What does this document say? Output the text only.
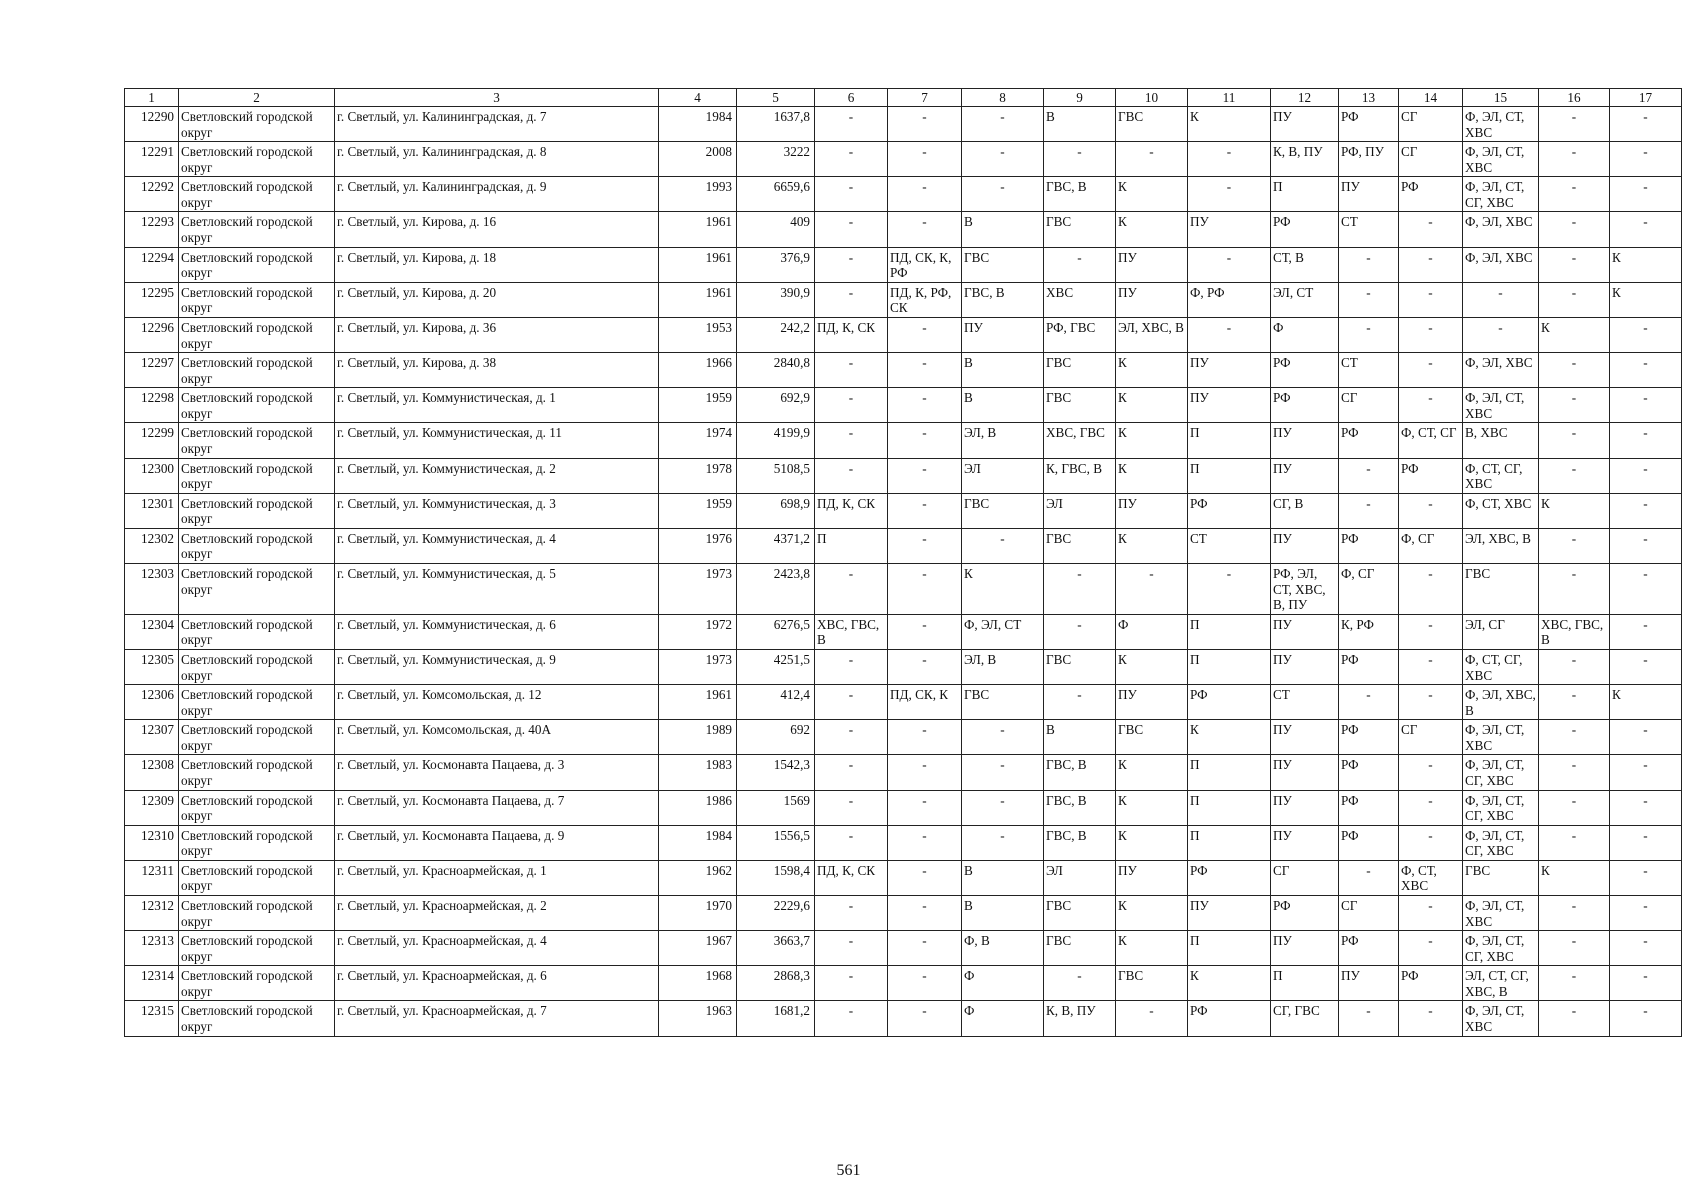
1	2	3	4	5	6	7	8	9	10	11	12	13	14	15	16	17
12290	Светловский городской округ	г. Светлый, ул. Калининградская, д. 7	1984	1637,8	-	-	-	В	ГВС	К	ПУ	РФ	СГ	Ф, ЭЛ, СТ, ХВС	-	-
12291	Светловский городской округ	г. Светлый, ул. Калининградская, д. 8	2008	3222	-	-	-	-	-	-	К, В, ПУ	РФ, ПУ	СГ	Ф, ЭЛ, СТ, ХВС	-	-
12292	Светловский городской округ	г. Светлый, ул. Калининградская, д. 9	1993	6659,6	-	-	-	ГВС, В	К	-	П	ПУ	РФ	Ф, ЭЛ, СТ, СГ, ХВС	-	-
12293	Светловский городской округ	г. Светлый, ул. Кирова, д. 16	1961	409	-	-	В	ГВС	К	ПУ	РФ	СТ	-	Ф, ЭЛ, ХВС	-	-
12294	Светловский городской округ	г. Светлый, ул. Кирова, д. 18	1961	376,9	-	ПД, СК, К, РФ	ГВС	-	ПУ	-	СТ, В	-	-	Ф, ЭЛ, ХВС	-	К
12295	Светловский городской округ	г. Светлый, ул. Кирова, д. 20	1961	390,9	-	ПД, К, РФ, СК	ГВС, В	ХВС	ПУ	Ф, РФ	ЭЛ, СТ	-	-	-	-	К
12296	Светловский городской округ	г. Светлый, ул. Кирова, д. 36	1953	242,2	ПД, К, СК	-	ПУ	РФ, ГВС	ЭЛ, ХВС, В	-	Ф	-	-	-	К	-
12297	Светловский городской округ	г. Светлый, ул. Кирова, д. 38	1966	2840,8	-	-	В	ГВС	К	ПУ	РФ	СТ	-	Ф, ЭЛ, ХВС	-	-
12298	Светловский городской округ	г. Светлый, ул. Коммунистическая, д. 1	1959	692,9	-	-	В	ГВС	К	ПУ	РФ	СГ	-	Ф, ЭЛ, СТ, ХВС	-	-
12299	Светловский городской округ	г. Светлый, ул. Коммунистическая, д. 11	1974	4199,9	-	-	ЭЛ, В	ХВС, ГВС	К	П	ПУ	РФ	Ф, СТ, СГ	В, ХВС	-	-
12300	Светловский городской округ	г. Светлый, ул. Коммунистическая, д. 2	1978	5108,5	-	-	ЭЛ	К, ГВС, В	К	П	ПУ	-	РФ	Ф, СТ, СГ, ХВС	-	-
12301	Светловский городской округ	г. Светлый, ул. Коммунистическая, д. 3	1959	698,9	ПД, К, СК	-	ГВС	ЭЛ	ПУ	РФ	СГ, В	-	-	Ф, СТ, ХВС	К	-
12302	Светловский городской округ	г. Светлый, ул. Коммунистическая, д. 4	1976	4371,2	П	-	-	ГВС	К	СТ	ПУ	РФ	Ф, СГ	ЭЛ, ХВС, В	-	-
12303	Светловский городской округ	г. Светлый, ул. Коммунистическая, д. 5	1973	2423,8	-	-	К	-	-	-	РФ, ЭЛ, СТ, ХВС, В, ПУ	Ф, СГ	-	ГВС	-	-
12304	Светловский городской округ	г. Светлый, ул. Коммунистическая, д. 6	1972	6276,5	ХВС, ГВС, В	-	Ф, ЭЛ, СТ	-	Ф	П	ПУ	К, РФ	-	ЭЛ, СГ	ХВС, ГВС, В	-
12305	Светловский городской округ	г. Светлый, ул. Коммунистическая, д. 9	1973	4251,5	-	-	ЭЛ, В	ГВС	К	П	ПУ	РФ	-	Ф, СТ, СГ, ХВС	-	-
12306	Светловский городской округ	г. Светлый, ул. Комсомольская, д. 12	1961	412,4	-	ПД, СК, К	ГВС	-	ПУ	РФ	СТ	-	-	Ф, ЭЛ, ХВС, В	-	К
12307	Светловский городской округ	г. Светлый, ул. Комсомольская, д. 40А	1989	692	-	-	-	В	ГВС	К	ПУ	РФ	СГ	Ф, ЭЛ, СТ, ХВС	-	-
12308	Светловский городской округ	г. Светлый, ул. Космонавта Пацаева, д. 3	1983	1542,3	-	-	-	ГВС, В	К	П	ПУ	РФ	-	Ф, ЭЛ, СТ, СГ, ХВС	-	-
12309	Светловский городской округ	г. Светлый, ул. Космонавта Пацаева, д. 7	1986	1569	-	-	-	ГВС, В	К	П	ПУ	РФ	-	Ф, ЭЛ, СТ, СГ, ХВС	-	-
12310	Светловский городской округ	г. Светлый, ул. Космонавта Пацаева, д. 9	1984	1556,5	-	-	-	ГВС, В	К	П	ПУ	РФ	-	Ф, ЭЛ, СТ, СГ, ХВС	-	-
12311	Светловский городской округ	г. Светлый, ул. Красноармейская, д. 1	1962	1598,4	ПД, К, СК	-	В	ЭЛ	ПУ	РФ	СГ	-	Ф, СТ, ХВС	ГВС	К	-
12312	Светловский городской округ	г. Светлый, ул. Красноармейская, д. 2	1970	2229,6	-	-	В	ГВС	К	ПУ	РФ	СГ	-	Ф, ЭЛ, СТ, ХВС	-	-
12313	Светловский городской округ	г. Светлый, ул. Красноармейская, д. 4	1967	3663,7	-	-	Ф, В	ГВС	К	П	ПУ	РФ	-	Ф, ЭЛ, СТ, СГ, ХВС	-	-
12314	Светловский городской округ	г. Светлый, ул. Красноармейская, д. 6	1968	2868,3	-	-	Ф	-	ГВС	К	П	ПУ	РФ	ЭЛ, СТ, СГ, ХВС, В	-	-
12315	Светловский городской округ	г. Светлый, ул. Красноармейская, д. 7	1963	1681,2	-	-	Ф	К, В, ПУ	-	РФ	СГ, ГВС	-	-	Ф, ЭЛ, СТ, ХВС	-	-
561
